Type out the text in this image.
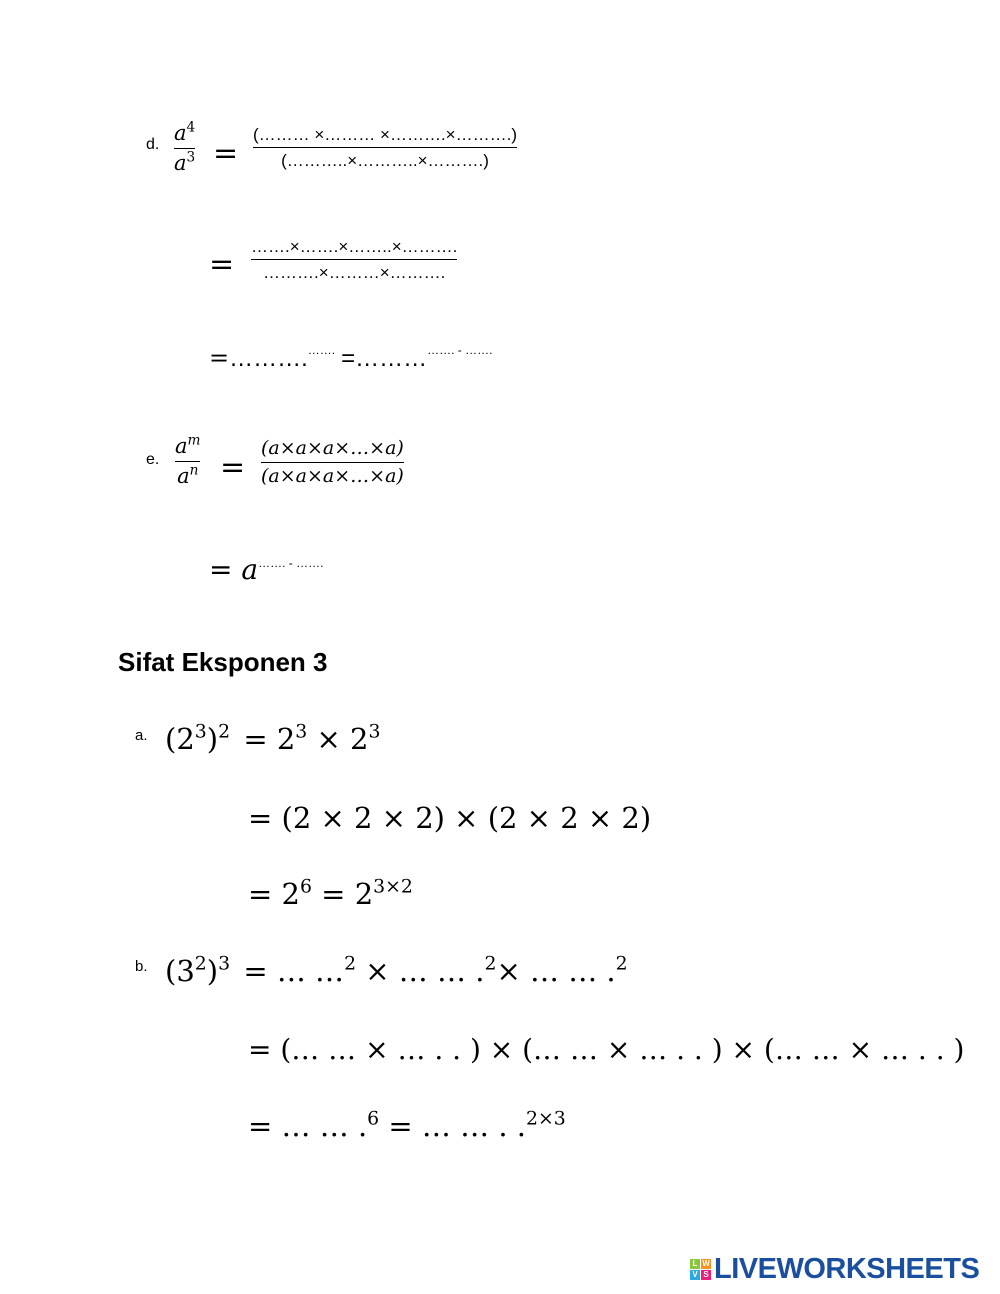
d. $a^4$
$a^3$ =
(……… ×……… ×……….×……….)
(………..×………..×……….)
=
…….×…….×……..×……….
……….×………×……….
=……….……. =……………. - …….
e.
$a^m$
$a^n$ =
(a×a×a×…×a)
(a×a×a×…×a)
= a……. - …….
Sifat Eksponen 3
a. $(2^3)^2 = 2^3 \times 2^3$
= (2 × 2 × 2) × (2 × 2 × 2)
= $2^6 = 2^{3\times 2}$
b. $(3^2)^3$ = … …$^2$ × … … .$^2$× … … .$^2$
= (… … × … . . ) × (… … × … . . ) × (… … × … . . )
= … … .$^6$ = … … . .$^{2\times 3}$
L W
V S LIVEWORKSHEETS
